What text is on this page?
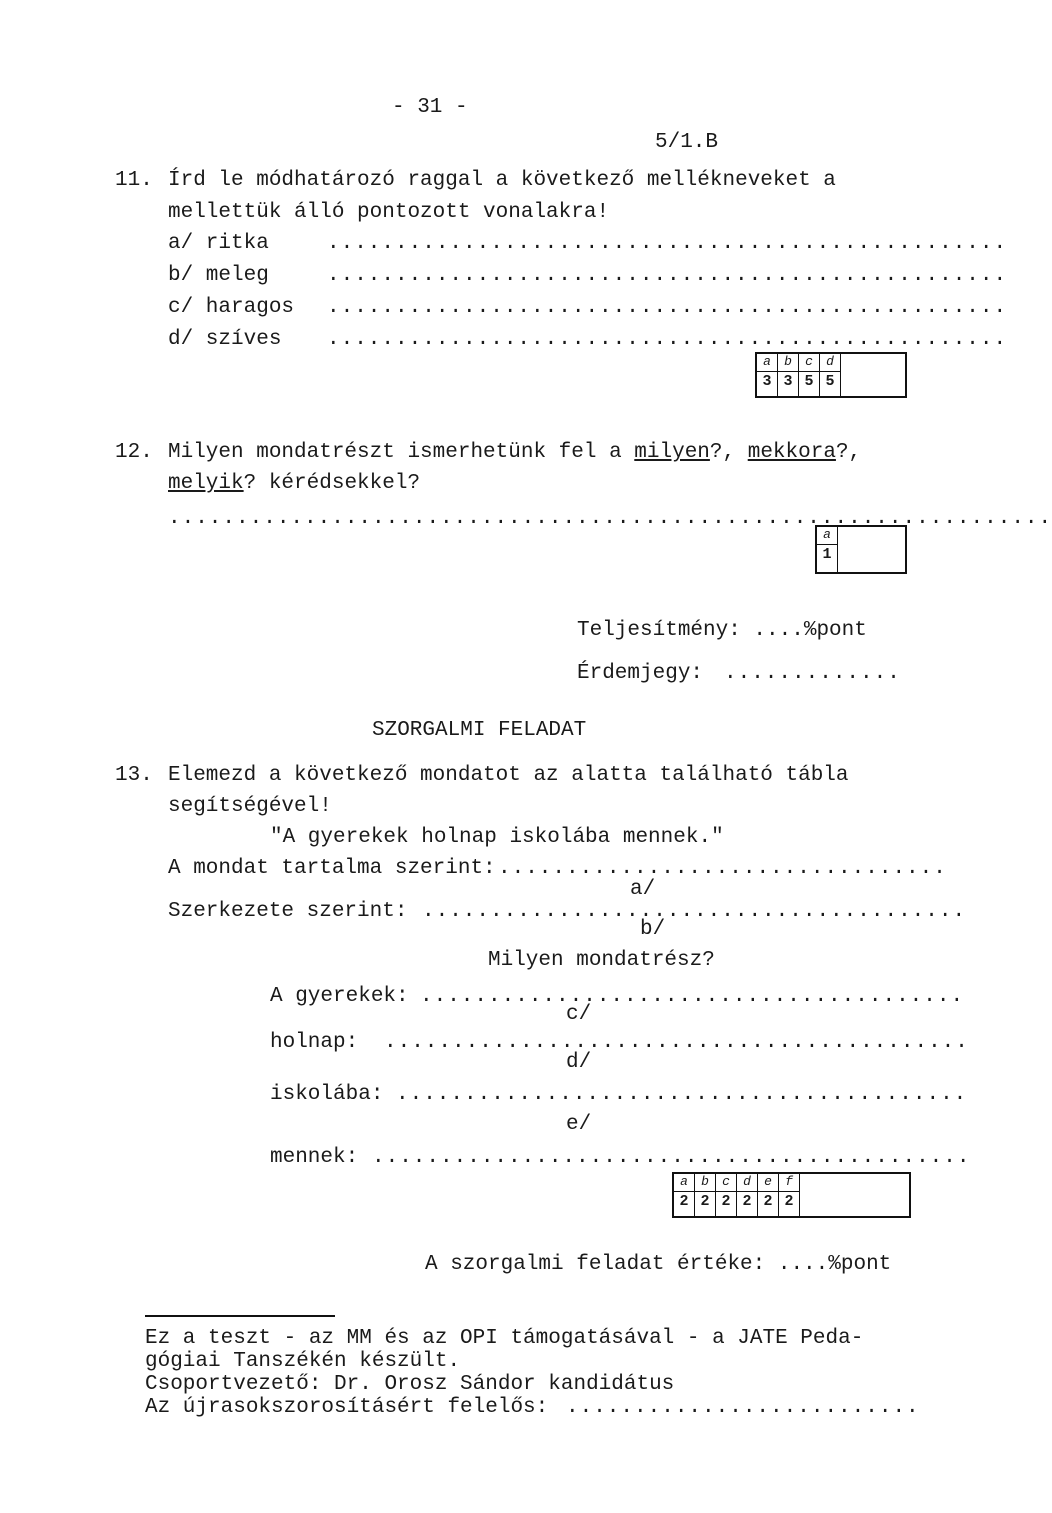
- 31 -
5/1.B
11. Írd le módhatározó raggal a következő mellékneveket a
mellettük álló pontozott vonalakra!
a/ ritka	..................................................
b/ meleg	..................................................
c/ haragos ..................................................
d/ szíves ..................................................
a
3
b
3
c
5
d
5
12. Milyen mondatrészt ismerhetünk fel a milyen?, mekkora?,
melyik? kérédsekkel?
.................................................................
a
1
Teljesítmény: ....%pont
Érdemjegy: .............
SZORGALMI FELADAT
13. Elemezd a következő mondatot az alatta található tábla
segítségével!
"A gyerekek holnap iskolába mennek."
A mondat tartalma szerint: .................................
a/
Szerkezete szerint: ........................................
b/
Milyen mondatrész?
A gyerekek: ........................................
c/
holnap: ...........................................
d/
iskolába: ..........................................
e/
mennek: ............................................
a
2
b
2
c
2
d
2
e
2
f
2
A szorgalmi feladat értéke: ....%pont
Ez a teszt - az MM és az OPI támogatásával - a JATE Peda-
gógiai Tanszékén készült.
Csoportvezető: Dr. Orosz Sándor kandidátus
Az újrasokszorosításért felelős: ..........................
